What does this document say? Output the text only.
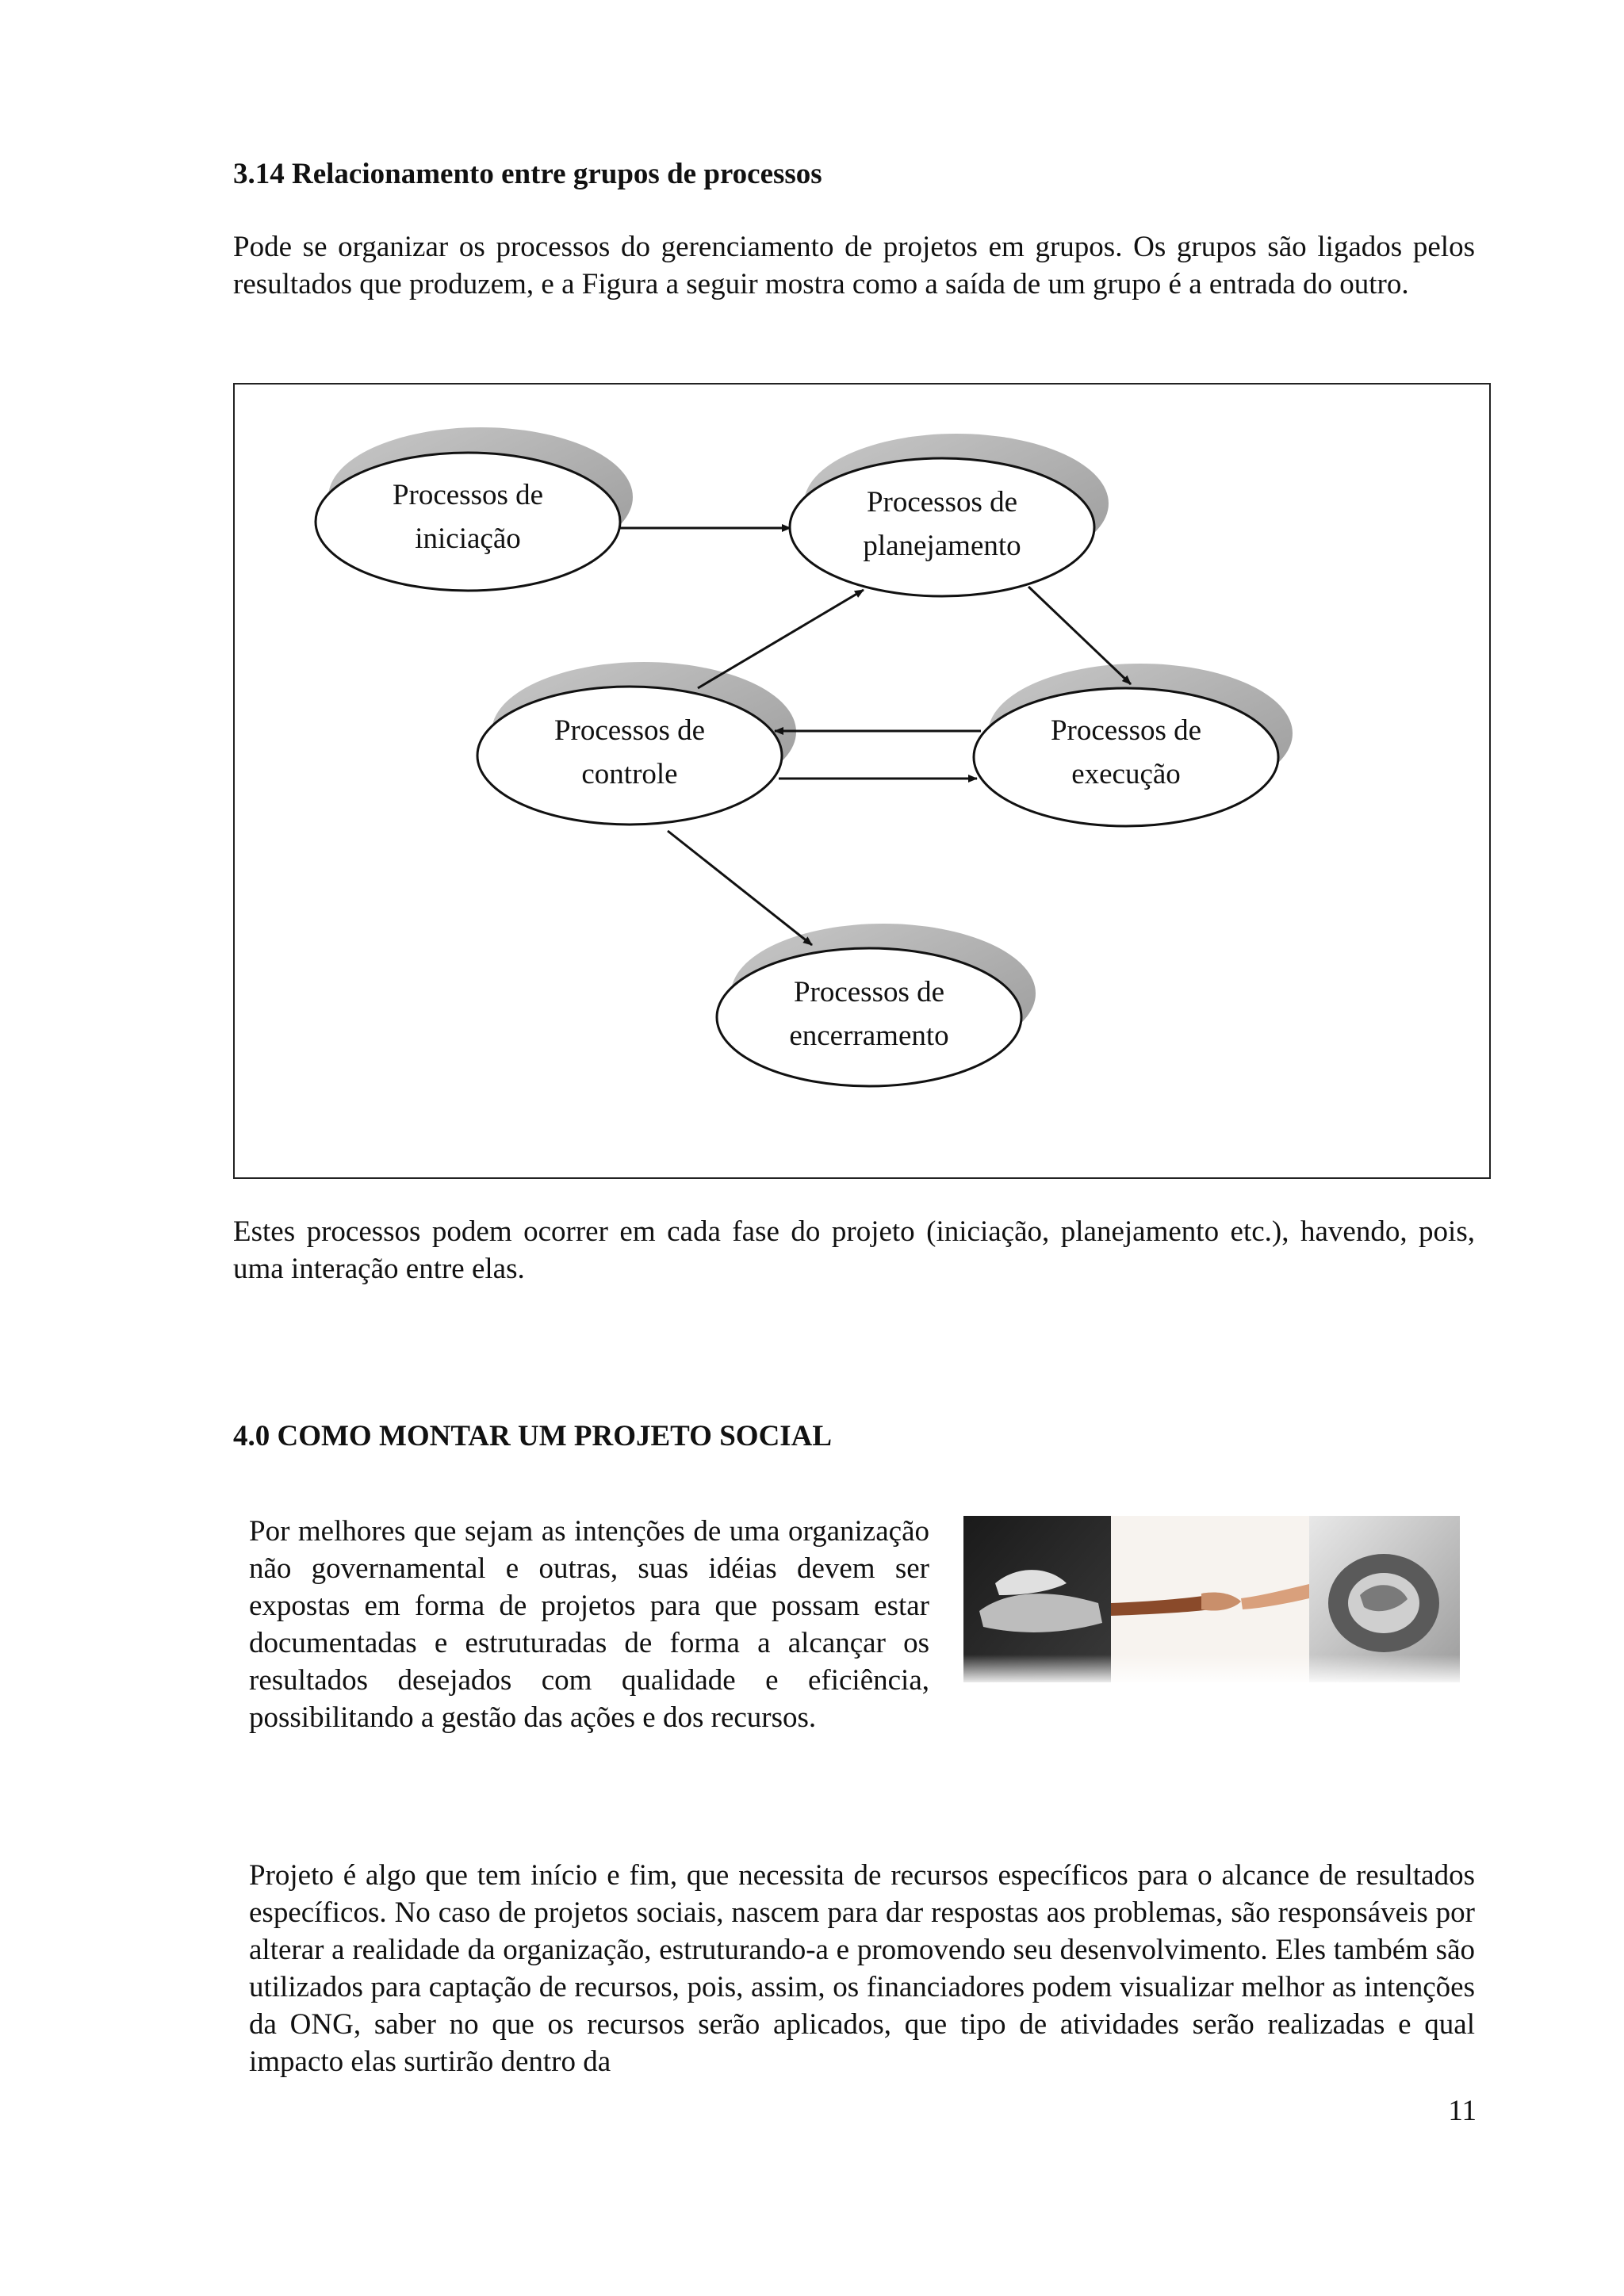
3.14 Relacionamento entre grupos de processos

Pode se organizar os processos do gerenciamento de projetos em grupos. Os grupos são ligados pelos resultados que produzem, e a Figura a seguir mostra como a saída de um grupo é a entrada do outro.

Processos de
iniciação
Processos de
planejamento
Processos de
controle
Processos de
execução
Processos de
encerramento

Estes processos podem ocorrer em cada fase do projeto (iniciação, planejamento etc.), havendo, pois, uma interação entre elas.

4.0 COMO MONTAR UM PROJETO SOCIAL

Por melhores que sejam as intenções de uma organização não governamental e outras, suas idéias devem ser expostas em forma de projetos para que possam estar documentadas e estruturadas de forma a alcançar os resultados desejados com qualidade e eficiência, possibilitando a gestão das ações e dos recursos.

Projeto é algo que tem início e fim, que necessita de recursos específicos para o alcance de resultados específicos. No caso de projetos sociais, nascem para dar respostas aos problemas, são responsáveis por alterar a realidade da organização, estruturando-a e promovendo seu desenvolvimento. Eles também são utilizados para captação de recursos, pois, assim, os financiadores podem visualizar melhor as intenções da ONG, saber no que os recursos serão aplicados, que tipo de atividades serão realizadas e qual impacto elas surtirão dentro da

11
